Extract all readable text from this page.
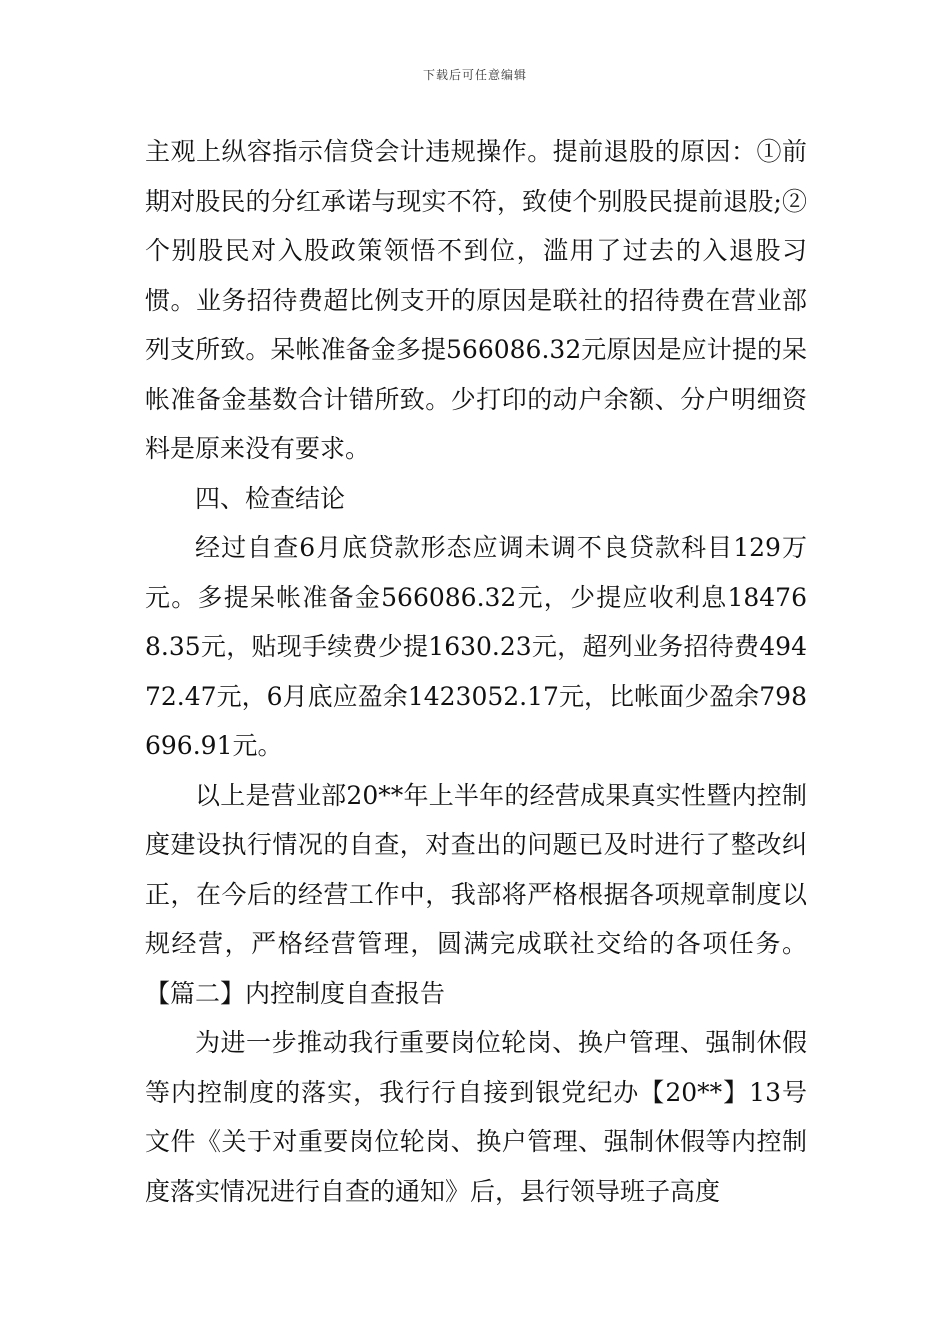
下载后可任意编辑

主观上纵容指示信贷会计违规操作。提前退股的原因：①前期对股民的分红承诺与现实不符，致使个别股民提前退股;②个别股民对入股政策领悟不到位，滥用了过去的入退股习惯。业务招待费超比例支开的原因是联社的招待费在营业部列支所致。呆帐准备金多提566086.32元原因是应计提的呆帐准备金基数合计错所致。少打印的动户余额、分户明细资料是原来没有要求。

四、检查结论

经过自查6月底贷款形态应调未调不良贷款科目129万元。多提呆帐准备金566086.32元，少提应收利息184768.35元，贴现手续费少提1630.23元，超列业务招待费49472.47元，6月底应盈余1423052.17元，比帐面少盈余798696.91元。

以上是营业部20**年上半年的经营成果真实性暨内控制度建设执行情况的自查，对查出的问题已及时进行了整改纠正，在今后的经营工作中，我部将严格根据各项规章制度以规经营，严格经营管理，圆满完成联社交给的各项任务。【篇二】内控制度自查报告

为进一步推动我行重要岗位轮岗、换户管理、强制休假等内控制度的落实，我行行自接到银党纪办【20**】13号文件《关于对重要岗位轮岗、换户管理、强制休假等内控制度落实情况进行自查的通知》后，县行领导班子高度
